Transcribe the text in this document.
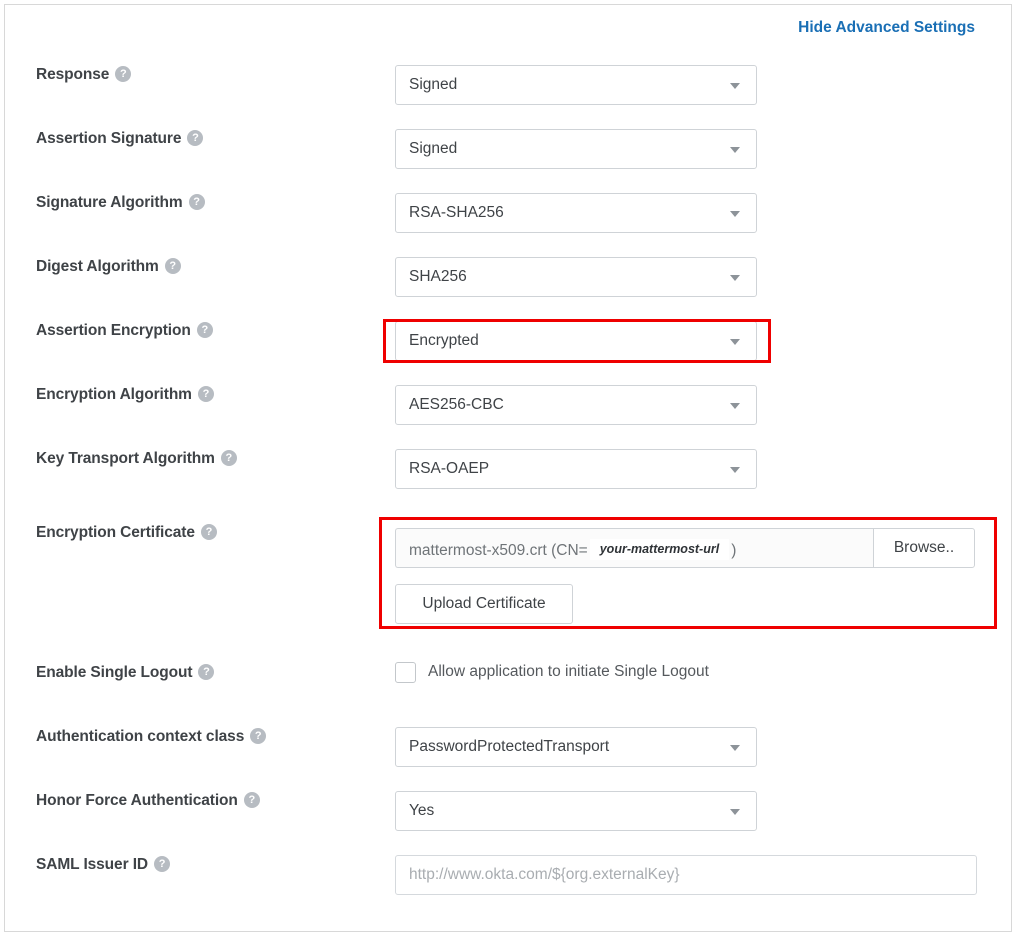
Hide Advanced Settings
Response ?
Signed
Assertion Signature ?
Signed
Signature Algorithm ?
RSA-SHA256
Digest Algorithm ?
SHA256
Assertion Encryption ?
Encrypted
Encryption Algorithm ?
AES256-CBC
Key Transport Algorithm ?
RSA-OAEP
Encryption Certificate ?
mattermost-x509.crt (CN= your-mattermost-url )	Browse..
Upload Certificate
Enable Single Logout ?	Allow application to initiate Single Logout
Authentication context class ?
PasswordProtectedTransport
Honor Force Authentication ?
Yes
SAML Issuer ID ?
http://www.okta.com/${org.externalKey}
